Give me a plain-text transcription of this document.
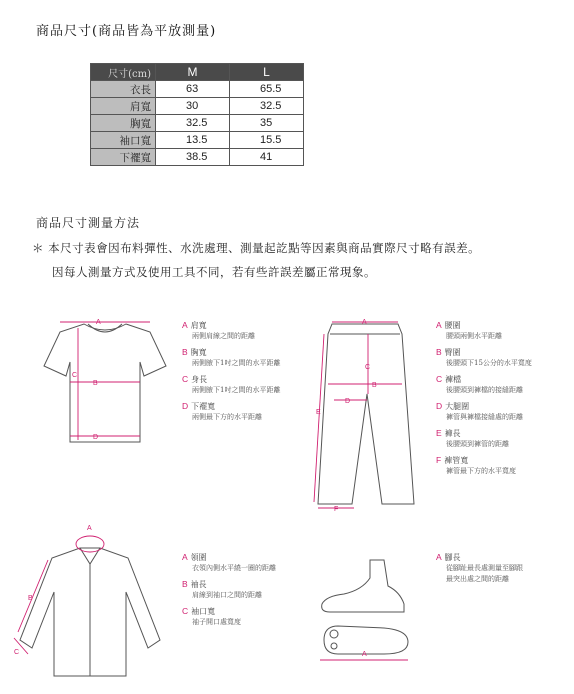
商品尺寸(商品皆為平放測量)
尺寸(cm)	M	L
衣長	63	65.5
肩寬	30	32.5
胸寬	32.5	35
袖口寬	13.5	15.5
下襬寬	38.5	41
商品尺寸測量方法
＊ 本尺寸表會因布料彈性、水洗處理、測量起訖點等因素與商品實際尺寸略有誤差。
因每人測量方式及使用工具不同，若有些許誤差屬正常現象。
A
B
C
D
A 肩寬
兩側肩線之間的距離
B 胸寬
兩側腋下1吋之間的水平距離
C 身長
兩側腋下1吋之間的水平距離
D 下襬寬
兩側最下方的水平距離
A
B
C
D
E
F
A 腰圍
腰頭兩側水平距離
B 臀圍
後腰頭下15公分的水平寬度
C 褲檔
後腰頭到褲檔的接縫距離
D 大腿圍
褲管與褲檔接縫處的距離
E 褲長
後腰頭到褲管的距離
F 褲管寬
褲管最下方的水平寬度
A
B
C
A 領圍
衣領內側水平繞一圈的距離
B 袖長
肩線到袖口之間的距離
C 袖口寬
袖子開口處寬度
A
A 腳長
從腳趾最長處測量至腳跟
最突出處之間的距離
